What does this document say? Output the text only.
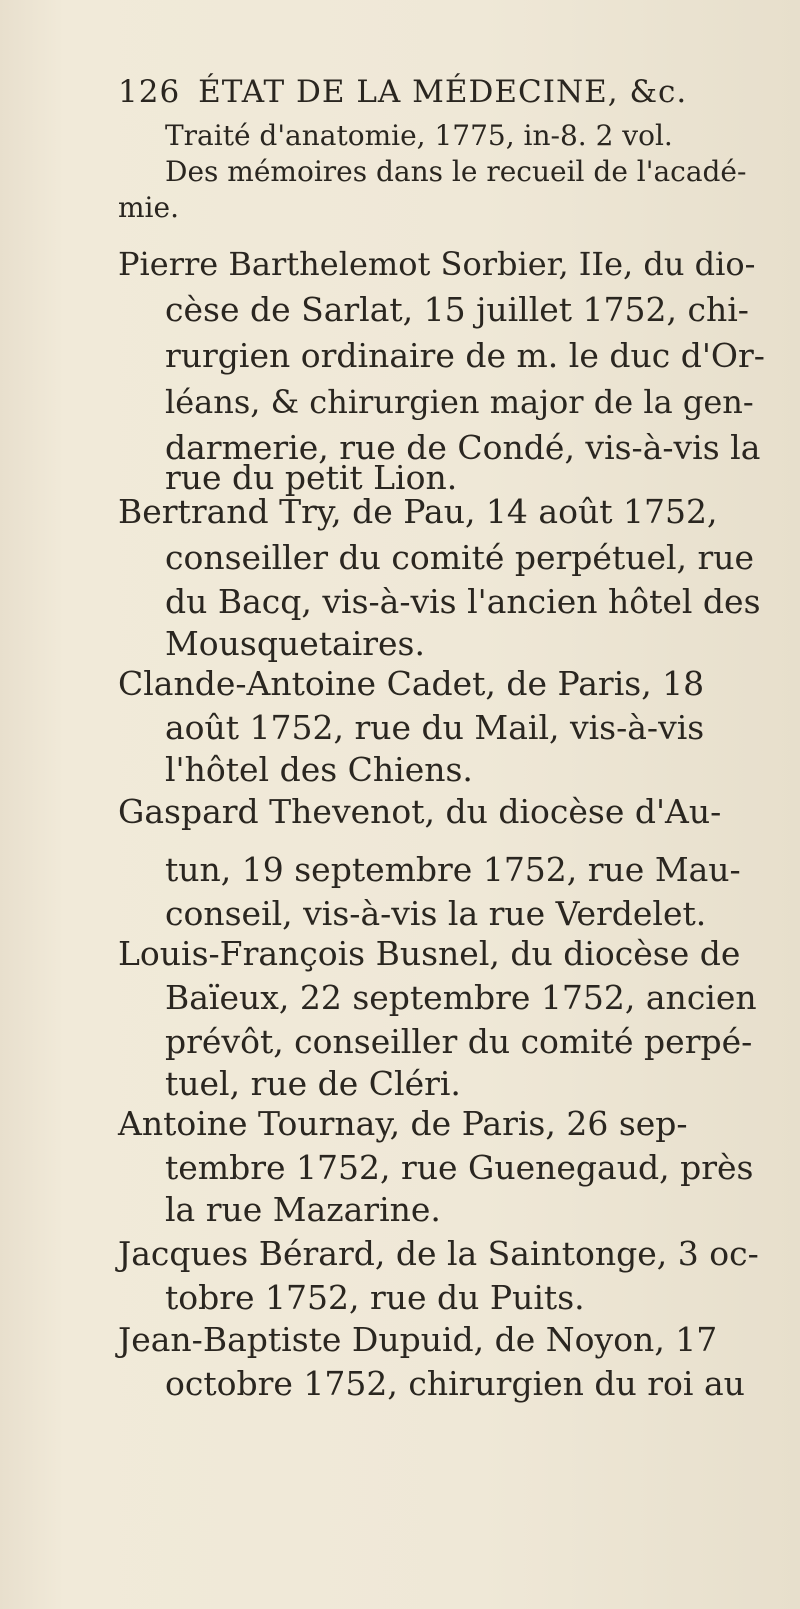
126 ÉTAT DE LA MÉDECINE, &c.
Traité d'anatomie, 1775, in-8. 2 vol.
Des mémoires dans le recueil de l'acadé-
mie.
Pierre Barthelemot Sorbier, IIe, du dio-
cèse de Sarlat, 15 juillet 1752, chi-
rurgien ordinaire de m. le duc d'Or-
léans, & chirurgien major de la gen-
darmerie, rue de Condé, vis-à-vis la
rue du petit Lion.
Bertrand Try, de Pau, 14 août 1752,
conseiller du comité perpétuel, rue
du Bacq, vis-à-vis l'ancien hôtel des
Mousquetaires.
Clande-Antoine Cadet, de Paris, 18
août 1752, rue du Mail, vis-à-vis
l'hôtel des Chiens.
Gaspard Thevenot, du diocèse d'Au-
tun, 19 septembre 1752, rue Mau-
conseil, vis-à-vis la rue Verdelet.
Louis-François Busnel, du diocèse de
Baïeux, 22 septembre 1752, ancien
prévôt, conseiller du comité perpé-
tuel, rue de Cléri.
Antoine Tournay, de Paris, 26 sep-
tembre 1752, rue Guenegaud, près
la rue Mazarine.
Jacques Bérard, de la Saintonge, 3 oc-
tobre 1752, rue du Puits.
Jean-Baptiste Dupuid, de Noyon, 17
octobre 1752, chirurgien du roi au
